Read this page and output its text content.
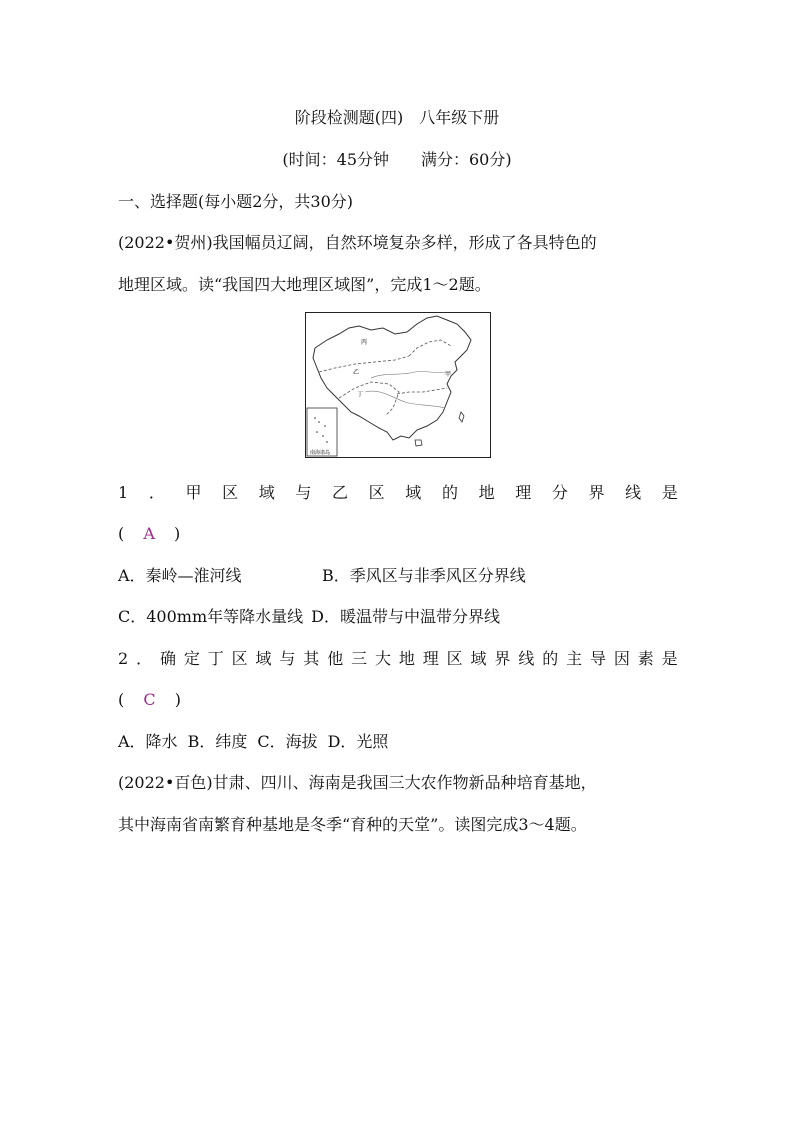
阶段检测题(四)　八年级下册
(时间：45分钟　　满分：60分)
一、选择题(每小题2分，共30分)
(2022•贺州)我国幅员辽阔，自然环境复杂多样，形成了各具特色的
地理区域。读“我国四大地理区域图”，完成1～2题。
丙
乙	甲
丁
南海诸岛
1 ． 甲 区 域 与 乙 区 域 的 地 理 分 界 线 是
( A )
A．秦岭—淮河线	B．季风区与非季风区分界线
C．400mm年等降水量线 D．暖温带与中温带分界线
2 ． 确 定 丁 区 域 与 其 他 三 大 地 理 区 域 界 线 的 主 导 因 素 是
( C )
A．降水 B．纬度 C．海拔 D．光照
(2022•百色)甘肃、四川、海南是我国三大农作物新品种培育基地，
其中海南省南繁育种基地是冬季“育种的天堂”。读图完成3～4题。
